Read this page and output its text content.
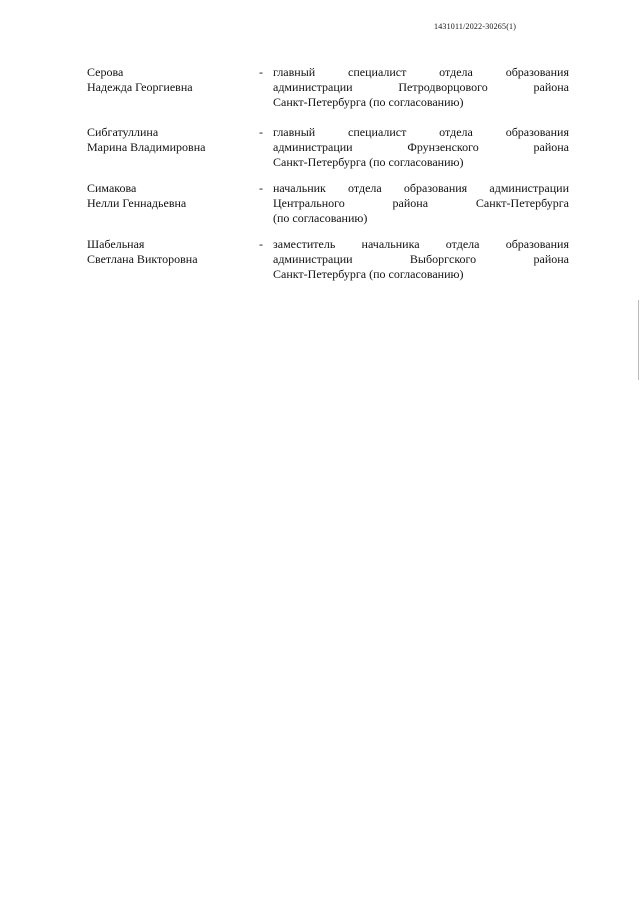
1431011/2022-30265(1)
Серова
Надежда Георгиевна
- главный специалист отдела образования
администрации Петродворцового района
Санкт-Петербурга (по согласованию)
Сибгатуллина
Марина Владимировна
- главный специалист отдела образования
администрации Фрунзенского района
Санкт-Петербурга (по согласованию)
Симакова
Нелли Геннадьевна
- начальник отдела образования администрации
Центрального района Санкт-Петербурга
(по согласованию)
Шабельная
Светлана Викторовна
- заместитель начальника отдела образования
администрации Выборгского района
Санкт-Петербурга (по согласованию)
